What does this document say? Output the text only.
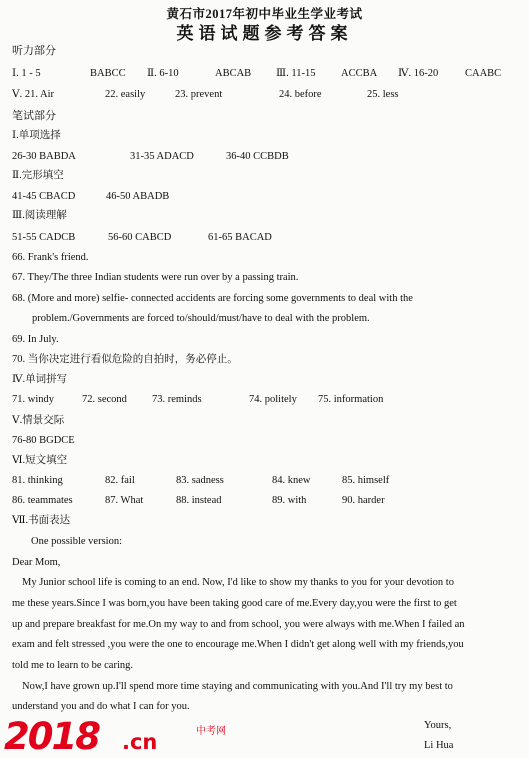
黄石市2017年初中毕业生学业考试
英语试题参考答案
听力部分
Ⅰ. 1 - 5	BABCC Ⅱ. 6-10	ABCAB Ⅲ. 11-15 ACCBA Ⅳ. 16-20	CAABC
Ⅴ. 21. Air	22. easily	23. prevent	24. before	25. less
笔试部分
Ⅰ.单项选择
26-30 BABDA	31-35 ADACD	36-40 CCBDB
Ⅱ.完形填空
41-45 CBACD	46-50 ABADB
Ⅲ.阅读理解
51-55 CADCB	56-60 CABCD	61-65 BACAD
66. Frank's friend.
67. They/The three Indian students were run over by a passing train.
68. (More and more) selfie- connected accidents are forcing some governments to deal with the
problem./Governments are forced to/should/must/have to deal with the problem.
69. In July.
70. 当你决定进行看似危险的自拍时，务必停止。
Ⅳ.单词拼写
71. windy	72. second 73. reminds	74. politely 75. information
Ⅴ.情景交际
76-80 BGDCE
Ⅵ.短文填空
81. thinking	82. fail	83. sadness	84. knew	85. himself
86. teammates	87. What	88. instead	89. with	90. harder
Ⅶ.书面表达
One possible version:
Dear Mom,
My Junior school life is coming to an end. Now, I'd like to show my thanks to you for your devotion to
me these years.Since I was born,you have been taking good care of me.Every day,you were the first to get
up and prepare breakfast for me.On my way to and from school, you were always with me.When I failed an
exam and felt stressed ,you were the one to encourage me.When I didn't get along well with my friends,you
told me to learn to be caring.
Now,I have grown up.I'll spend more time staying and communicating with you.And I'll try my best to
understand you and do what I can for you.
Yours,
Li Hua
2018 .cn	中考网
